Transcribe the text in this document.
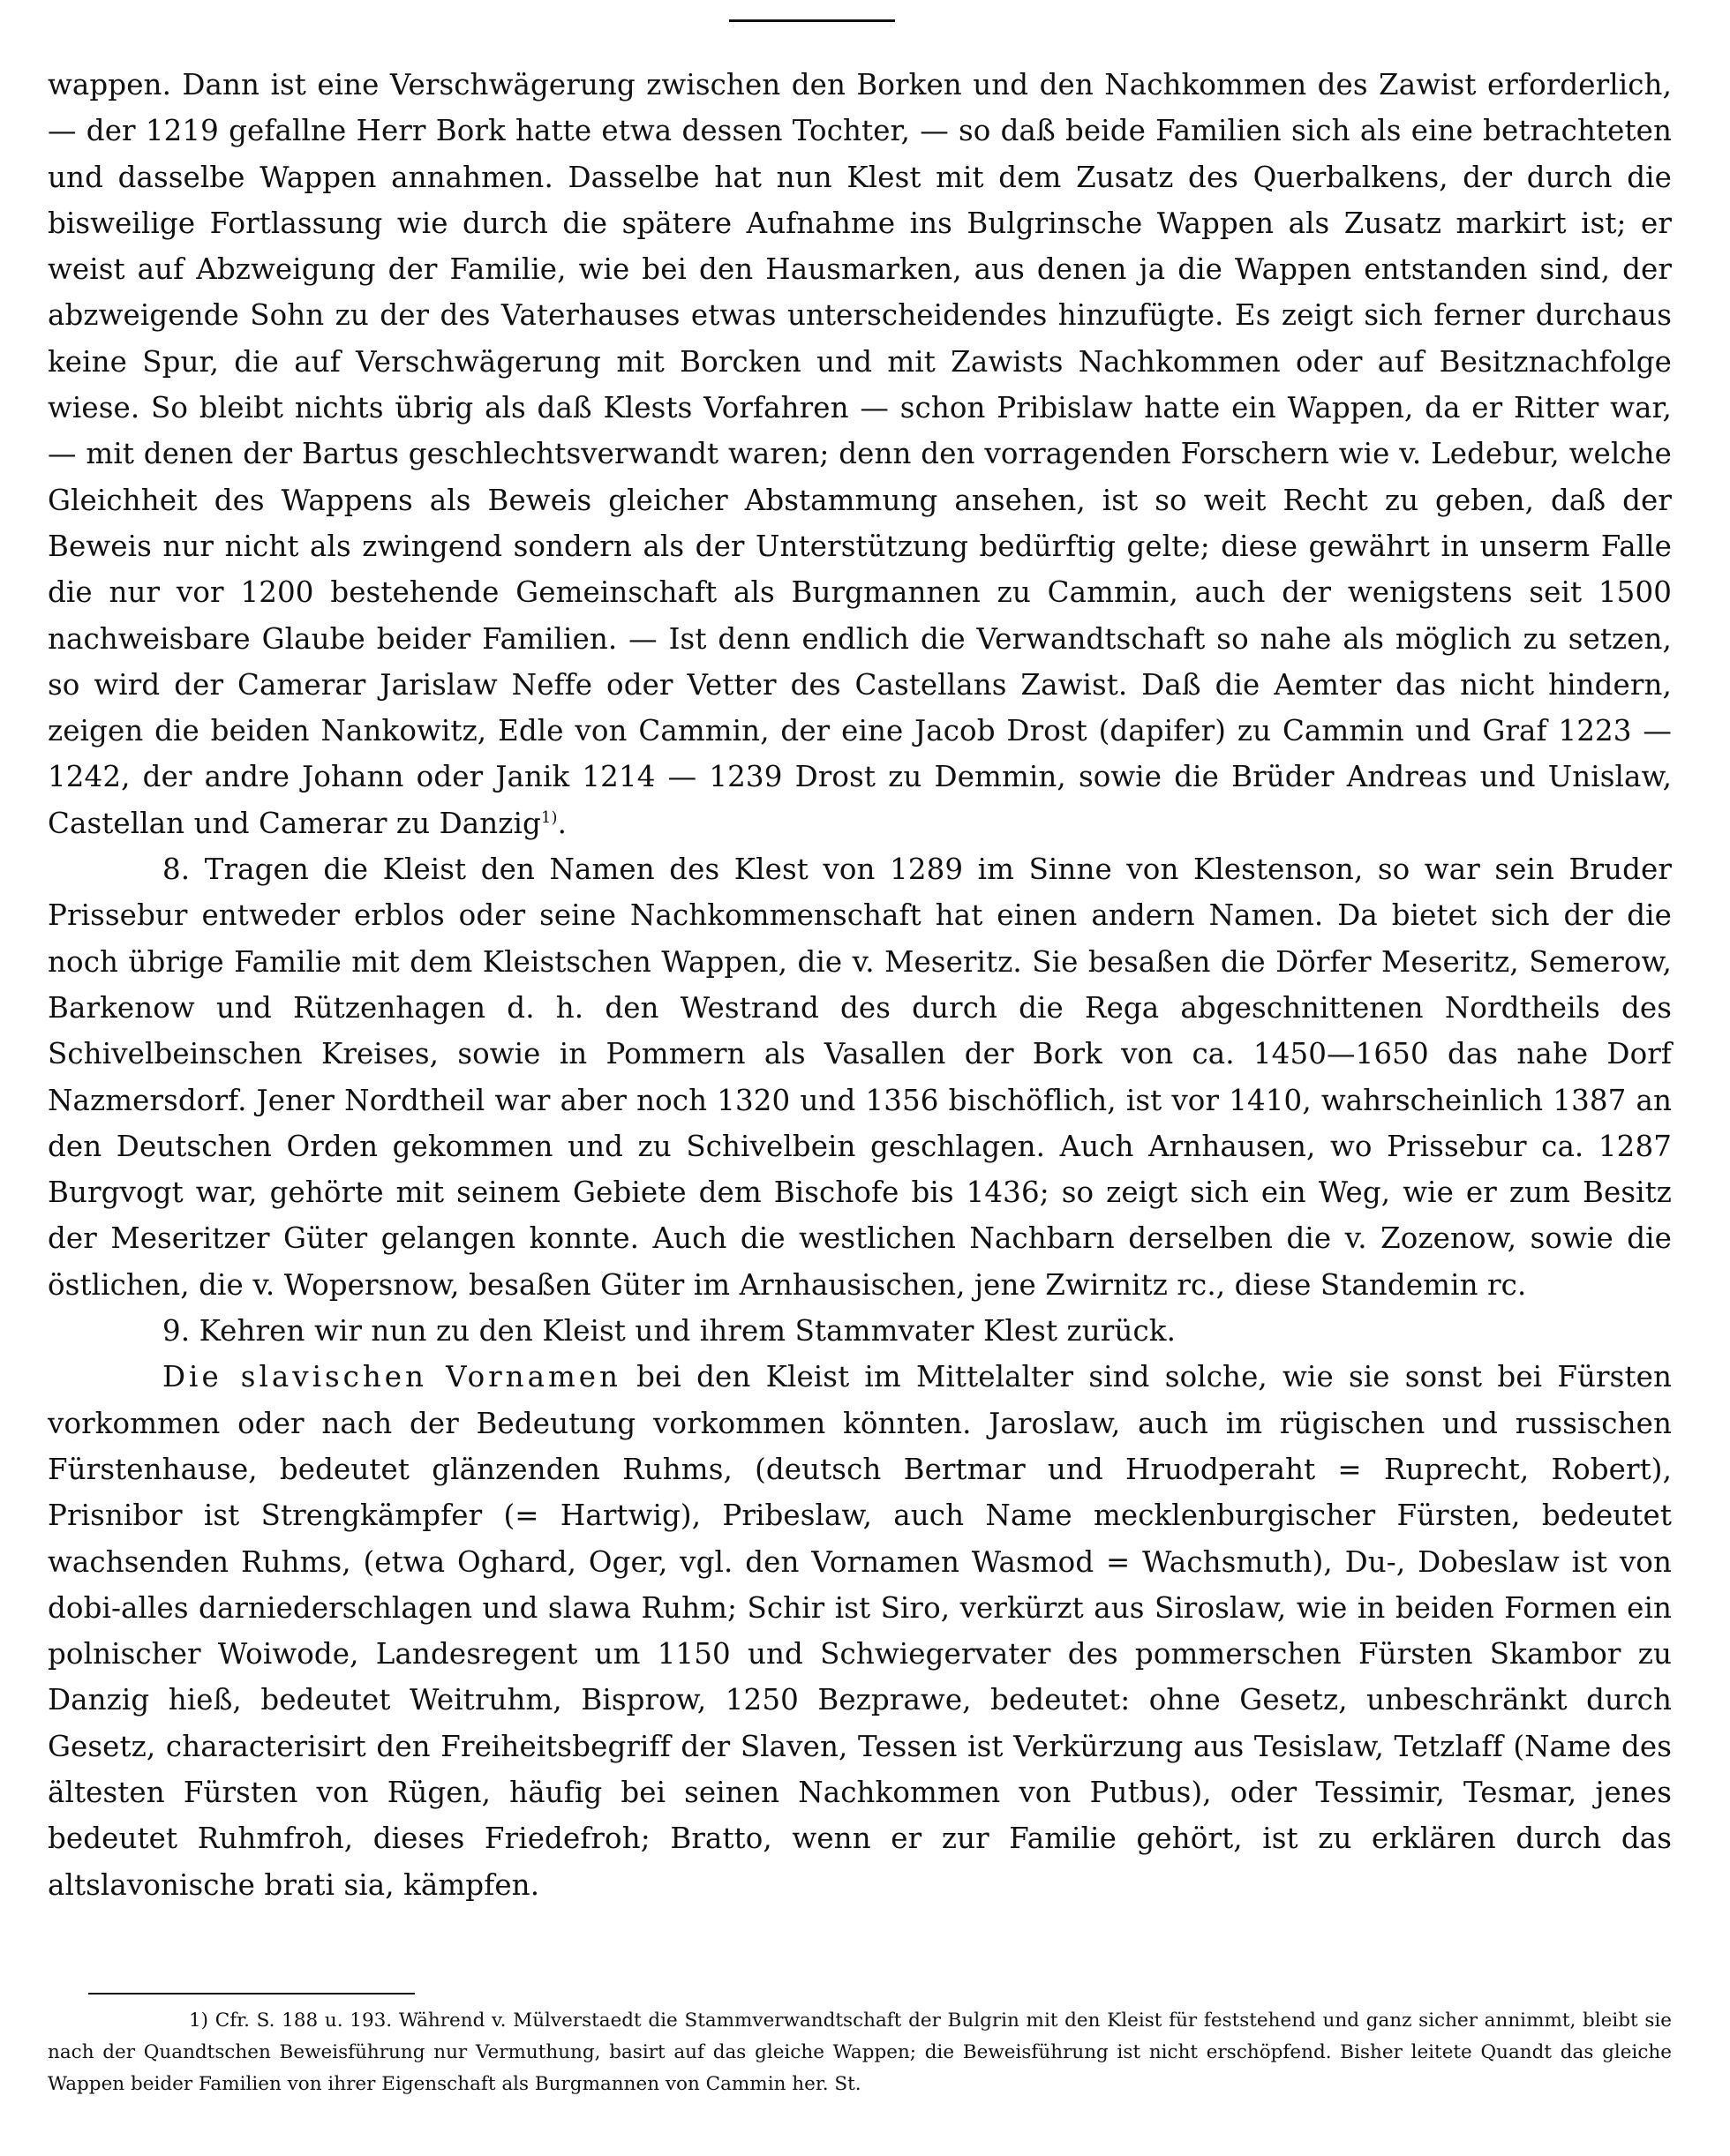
wappen. Dann ist eine Verschwägerung zwischen den Borken und den Nachkommen des Zawist erforderlich, — der 1219 gefallne Herr Bork hatte etwa dessen Tochter, — so daß beide Familien sich als eine betrachteten und dasselbe Wappen annahmen. Dasselbe hat nun Klest mit dem Zusatz des Querbalkens, der durch die bisweilige Fortlassung wie durch die spätere Aufnahme ins Bulgrinsche Wappen als Zusatz markirt ist; er weist auf Abzweigung der Familie, wie bei den Hausmarken, aus denen ja die Wappen entstanden sind, der abzweigende Sohn zu der des Vaterhauses etwas unterscheidendes hinzufügte. Es zeigt sich ferner durchaus keine Spur, die auf Verschwägerung mit Borcken und mit Zawists Nachkommen oder auf Besitznachfolge wiese. So bleibt nichts übrig als daß Klests Vorfahren — schon Pribislaw hatte ein Wappen, da er Ritter war, — mit denen der Bartus geschlechtsverwandt waren; denn den vorragenden Forschern wie v. Ledebur, welche Gleichheit des Wappens als Beweis gleicher Abstammung ansehen, ist so weit Recht zu geben, daß der Beweis nur nicht als zwingend sondern als der Unterstützung bedürftig gelte; diese gewährt in unserm Falle die nur vor 1200 bestehende Gemeinschaft als Burgmannen zu Cammin, auch der wenigstens seit 1500 nachweisbare Glaube beider Familien. — Ist denn endlich die Verwandtschaft so nahe als möglich zu setzen, so wird der Camerar Jarislaw Neffe oder Vetter des Castellans Zawist. Daß die Aemter das nicht hindern, zeigen die beiden Nankowitz, Edle von Cammin, der eine Jacob Drost (dapifer) zu Cammin und Graf 1223 — 1242, der andre Johann oder Janik 1214 — 1239 Drost zu Demmin, sowie die Brüder Andreas und Unislaw, Castellan und Camerar zu Danzig$^{1)}$.

8. Tragen die Kleist den Namen des Klest von 1289 im Sinne von Klestenson, so war sein Bruder Prissebur entweder erblos oder seine Nachkommenschaft hat einen andern Namen. Da bietet sich der die noch übrige Familie mit dem Kleistschen Wappen, die v. Meseritz. Sie besaßen die Dörfer Meseritz, Semerow, Barkenow und Rützenhagen d. h. den Westrand des durch die Rega abgeschnittenen Nordtheils des Schivelbeinschen Kreises, sowie in Pommern als Vasallen der Bork von ca. 1450—1650 das nahe Dorf Nazmersdorf. Jener Nordtheil war aber noch 1320 und 1356 bischöflich, ist vor 1410, wahrscheinlich 1387 an den Deutschen Orden gekommen und zu Schivelbein geschlagen. Auch Arnhausen, wo Prissebur ca. 1287 Burgvogt war, gehörte mit seinem Gebiete dem Bischofe bis 1436; so zeigt sich ein Weg, wie er zum Besitz der Meseritzer Güter gelangen konnte. Auch die westlichen Nachbarn derselben die v. Zozenow, sowie die östlichen, die v. Wopersnow, besaßen Güter im Arnhausischen, jene Zwirnitz rc., diese Standemin rc.

9. Kehren wir nun zu den Kleist und ihrem Stammvater Klest zurück.

Die slavischen Vornamen bei den Kleist im Mittelalter sind solche, wie sie sonst bei Fürsten vorkommen oder nach der Bedeutung vorkommen könnten. Jaroslaw, auch im rügischen und russischen Fürstenhause, bedeutet glänzenden Ruhms, (deutsch Bertmar und Hruodperaht = Ruprecht, Robert), Prisnibor ist Strengkämpfer (= Hartwig), Pribeslaw, auch Name mecklenburgischer Fürsten, bedeutet wachsenden Ruhms, (etwa Oghard, Oger, vgl. den Vornamen Wasmod = Wachsmuth), Du-, Dobeslaw ist von dobi-alles darniederschlagen und slawa Ruhm; Schir ist Siro, verkürzt aus Siroslaw, wie in beiden Formen ein polnischer Woiwode, Landesregent um 1150 und Schwiegervater des pommerschen Fürsten Skambor zu Danzig hieß, bedeutet Weitruhm, Bisprow, 1250 Bezprawe, bedeutet: ohne Gesetz, unbeschränkt durch Gesetz, characterisirt den Freiheitsbegriff der Slaven, Tessen ist Verkürzung aus Tesislaw, Tetzlaff (Name des ältesten Fürsten von Rügen, häufig bei seinen Nachkommen von Putbus), oder Tessimir, Tesmar, jenes bedeutet Ruhmfroh, dieses Friedefroh; Bratto, wenn er zur Familie gehört, ist zu erklären durch das altslavonische brati sia, kämpfen.

1) Cfr. S. 188 u. 193. Während v. Mülverstaedt die Stammverwandtschaft der Bulgrin mit den Kleist für feststehend und ganz sicher annimmt, bleibt sie nach der Quandtschen Beweisführung nur Vermuthung, basirt auf das gleiche Wappen; die Beweisführung ist nicht erschöpfend. Bisher leitete Quandt das gleiche Wappen beider Familien von ihrer Eigenschaft als Burgmannen von Cammin her. St.
